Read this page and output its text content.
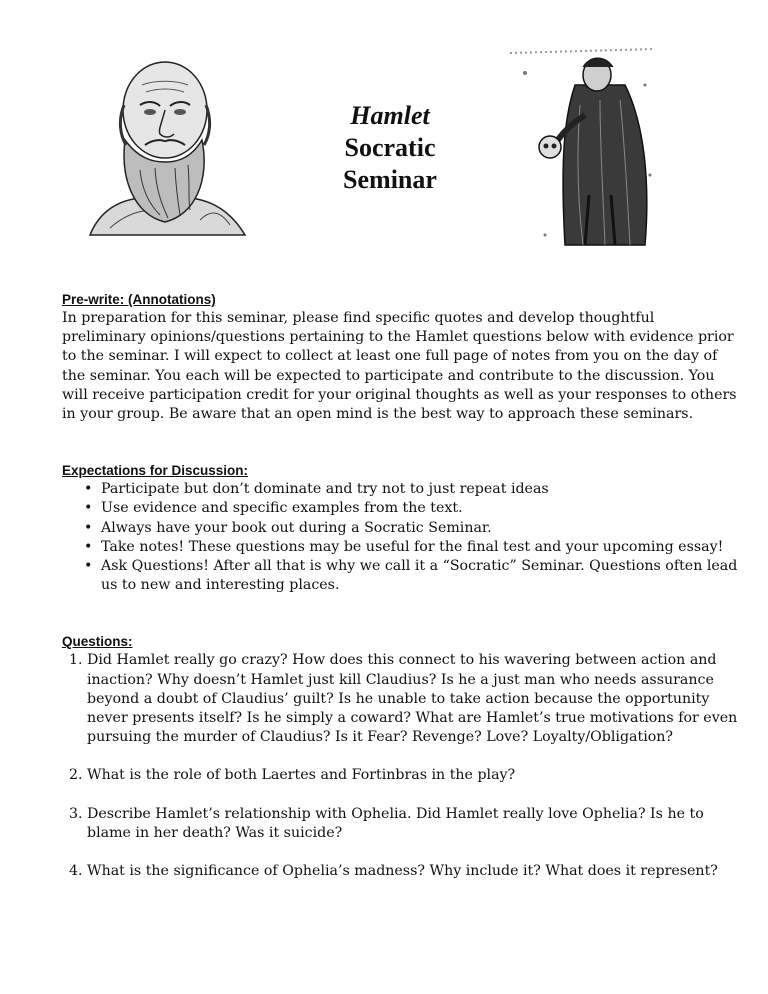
Hamlet
Socratic
Seminar
Pre-write: (Annotations)

In preparation for this seminar, please find specific quotes and develop thoughtful preliminary opinions/questions pertaining to the Hamlet questions below with evidence prior to the seminar. I will expect to collect at least one full page of notes from you on the day of the seminar. You each will be expected to participate and contribute to the discussion. You will receive participation credit for your original thoughts as well as your responses to others in your group. Be aware that an open mind is the best way to approach these seminars.

Expectations for Discussion:
• Participate but don’t dominate and try not to just repeat ideas
• Use evidence and specific examples from the text.
• Always have your book out during a Socratic Seminar.
• Take notes! These questions may be useful for the final test and your upcoming essay!
• Ask Questions! After all that is why we call it a “Socratic” Seminar. Questions often lead us to new and interesting places.
Questions:
1. Did Hamlet really go crazy? How does this connect to his wavering between action and inaction? Why doesn’t Hamlet just kill Claudius? Is he a just man who needs assurance beyond a doubt of Claudius’ guilt? Is he unable to take action because the opportunity never presents itself? Is he simply a coward? What are Hamlet’s true motivations for even pursuing the murder of Claudius? Is it Fear? Revenge? Love? Loyalty/Obligation?
2. What is the role of both Laertes and Fortinbras in the play?
3. Describe Hamlet’s relationship with Ophelia. Did Hamlet really love Ophelia? Is he to blame in her death? Was it suicide?
4. What is the significance of Ophelia’s madness? Why include it? What does it represent?
